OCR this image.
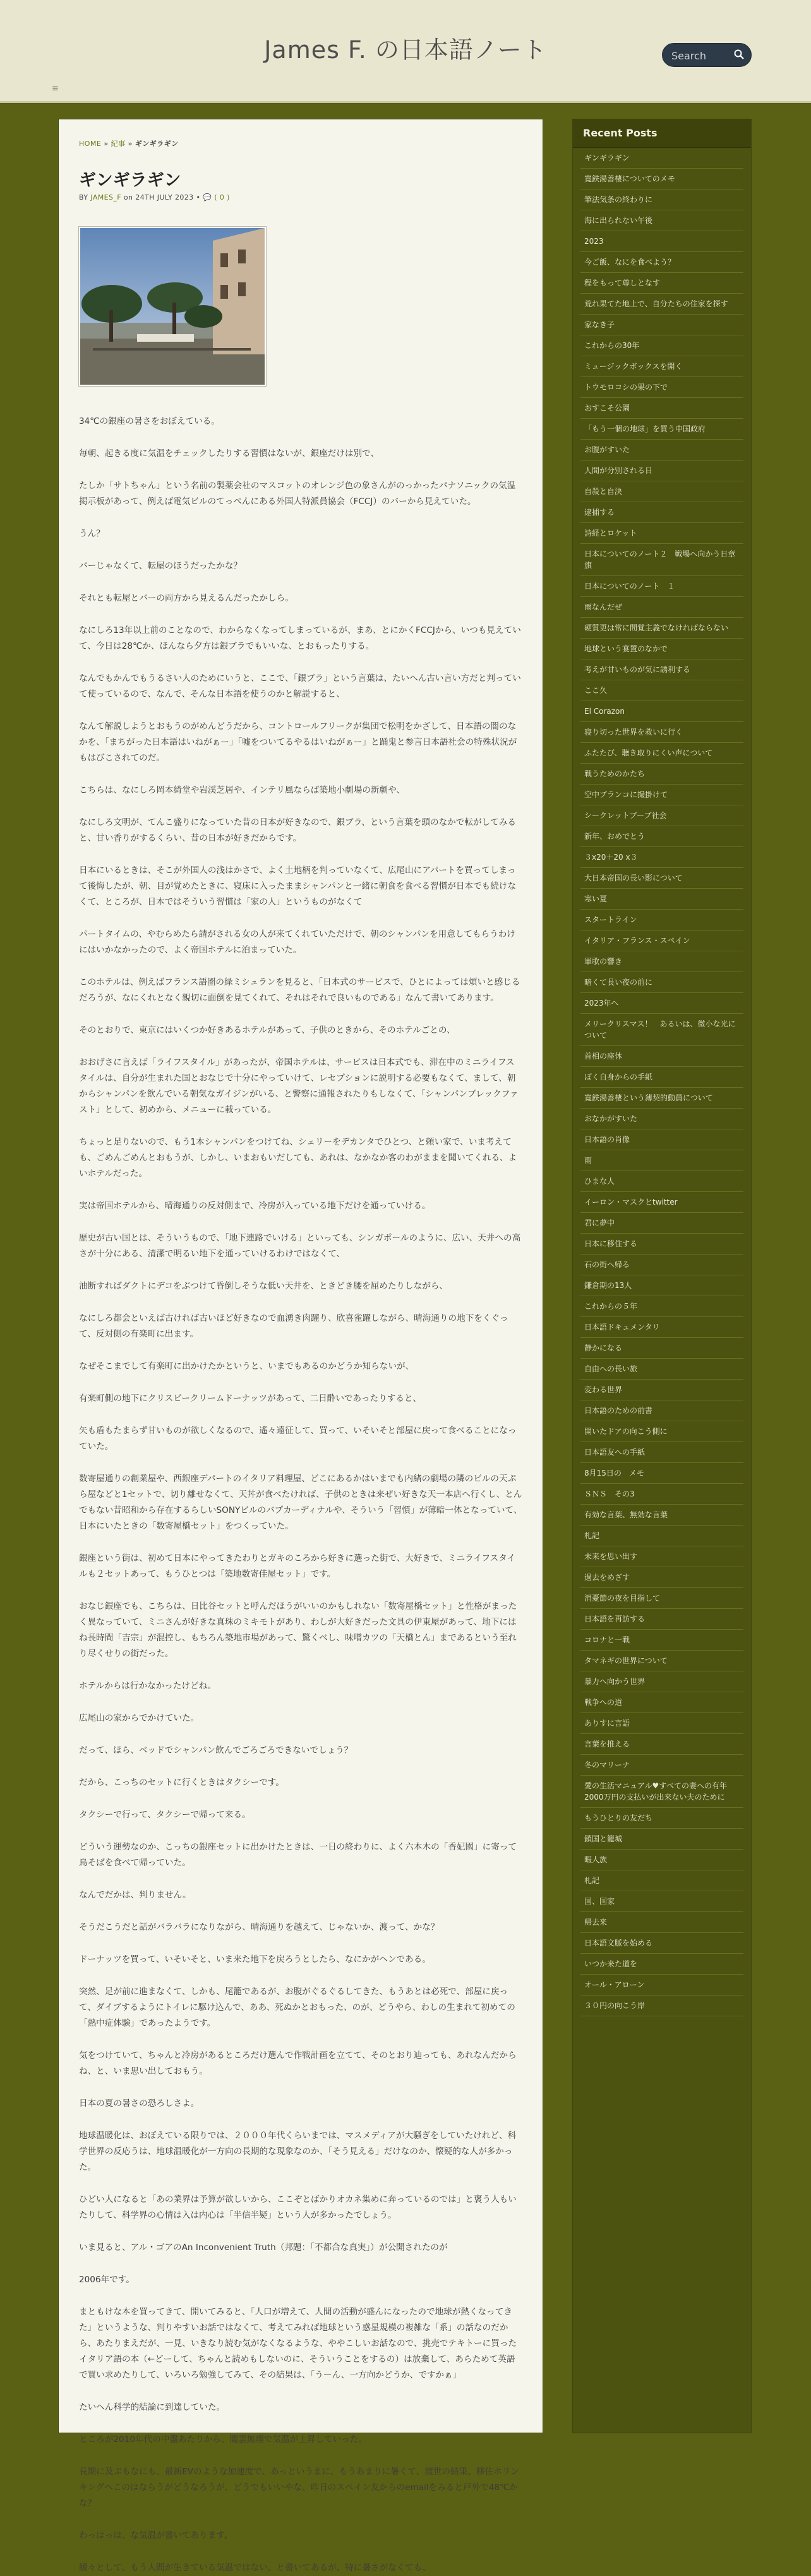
James F. の日本語ノート
Search
≡
HOME » 紀事 » ギンギラギン
ギンギラギン
BY JAMES_F on 24TH JULY 2023 • 💬 ( 0 )

34℃の銀座の暑さをおぼえている。

毎朝、起きる度に気温をチェックしたりする習慣はないが、銀座だけは別で、

たしか「サトちゃん」という名前の製薬会社のマスコットのオレンジ色の象さんがのっかったパナソニックの気温掲示板があって、例えば電気ビルのてっぺんにある外国人特派員協会（FCCJ）のバーから見えていた。

うん？

バーじゃなくて、転屋のほうだったかな？

それとも転屋とバーの両方から見えるんだったかしら。

なにしろ13年以上前のことなので、わからなくなってしまっているが、まあ、とにかくFCCJから、いつも見えていて、今日は28℃か、ほんなら夕方は銀ブラでもいいな、とおもったりする。

なんでもかんでもうるさい人のためにいうと、ここで、「銀ブラ」という言葉は、たいへん古い言い方だと判っていて使っているので、なんで、そんな日本語を使うのかと解説すると、

なんて解説しようとおもうのがめんどうだから、コントロールフリークが集団で松明をかざして、日本語の闇のなかを、「まちがった日本語はいねがぁー」「嘘をついてるやるはいねがぁー」と踊鬼と参言日本語社会の特殊状況がもはびこされてのだ。

こちらは、なにしろ岡本綺堂や岩渓芝居や、インテリ風ならば築地小劇場の新劇や、

なにしろ文明が、てんこ盛りになっていた昔の日本が好きなので、銀ブラ、という言葉を頭のなかで転がしてみると、甘い香りがするくらい、昔の日本が好きだからです。

日本にいるときは、そこが外国人の浅はかさで、よく土地柄を判っていなくて、広尾山にアパートを買ってしまって後悔したが、朝、目が覚めたときに、寝床に入ったままシャンパンと一緒に朝食を食べる習慣が日本でも続けなくて、ところが、日本ではそういう習慣は「家の人」というものがなくて

パートタイムの、やむらめたら請がされる女の人が来てくれていただけで、朝のシャンパンを用意してもらうわけにはいかなかったので、よく帝国ホテルに泊まっていた。

このホテルは、例えばフランス語圏の緑ミシュランを見ると、「日本式のサービスで、ひとによっては煩いと感じるだろうが、なにくれとなく親切に面倒を見てくれて、それはそれで良いものである」なんて書いてあります。

そのとおりで、東京にはいくつか好きあるホテルがあって、子供のときから、そのホテルごとの、

おおげさに言えば「ライフスタイル」があったが、帝国ホテルは、サービスは日本式でも、滞在中のミニライフスタイルは、自分が生まれた国とおなじで十分にやっていけて、レセプションに説明する必要もなくて、まして、朝からシャンパンを飲んでいる朝気なガイジンがいる、と警察に通報されたりもしなくて、「シャンパンブレックファスト」として、初めから、メニューに載っている。

ちょっと足りないので、もう1本シャンパンをつけてね、シェリーをデカンタでひとつ、と頼い家で、いま考えても、ごめんごめんとおもうが、しかし、いまおもいだしても、あれは、なかなか客のわがままを聞いてくれる、よいホテルだった。

実は帝国ホテルから、晴海通りの反対側まで、冷房が入っている地下だけを通っていける。

歴史が古い国とは、そういうもので、「地下連路でいける」といっても、シンガポールのように、広い、天井への高さが十分にある、清潔で明るい地下を通っていけるわけではなくて、

油断すればダクトにデコをぶつけて昏倒しそうな低い天井を、ときどき腰を屈めたりしながら、

なにしろ都会といえば古ければ古いほど好きなので血湧き肉躍り、欣喜雀躍しながら、晴海通りの地下をくぐって、反対側の有楽町に出ます。

なぜそこまでして有楽町に出かけたかというと、いまでもあるのかどうか知らないが、

有楽町側の地下にクリスピークリームドーナッツがあって、二日酔いであったりすると、

矢も盾もたまらず甘いものが欲しくなるので、遙々遠征して、買って、いそいそと部屋に戻って食べることになっていた。

数寄屋通りの創業屋や、西銀座デパートのイタリア料理屋、どこにあるかはいまでも内緒の劇場の隣のビルの天ぷら屋などと1セットで、切り離せなくて、天丼が食べたければ、子供のときは来ぜい好きな天一本店へ行くし、とんでもない昔昭和から存在するらしいSONYビルのバプカーディナルや、そういう「習慣」が薄暗一体となっていて、日本にいたときの「数寄屋橋セット」をつくっていた。

銀座という街は、初めて日本にやってきたわりとガキのころから好きに選った街で、大好きで、ミニライフスタイルも２セットあって、もうひとつは「築地数寄佳屋セット」です。

おなじ銀座でも、こちらは、日比谷セットと呼んだほうがいいのかもしれない「数寄屋橋セット」と性格がまったく異なっていて、ミニさんが好きな真珠のミキモトがあり、わしが大好きだった文具の伊東屋があって、地下にはね長時間「吉宗」が混控し、もちろん築地市場があって、驚くべし、味噌カツの「天橋とん」まであるという至れり尽くせりの街だった。

ホテルからは行かなかったけどね。

広尾山の家からでかけていた。

だって、ほら、ベッドでシャンパン飲んでごろごろできないでしょう？

だから、こっちのセットに行くときはタクシーです。

タクシーで行って、タクシーで帰って来る。

どういう運勢なのか、こっちの銀座セットに出かけたときは、一日の終わりに、よく六本木の「香妃園」に寄って鳥そばを食べて帰っていた。

なんでだかは、判りません。

そうだこうだと話がバラバラになりながら、晴海通りを越えて、じゃないか、渡って、かな？

ドーナッツを買って、いそいそと、いま来た地下を戻ろうとしたら、なにかがヘンである。

突然、足が前に進まなくて、しかも、尾籠であるが、お腹がぐるぐるしてきた、もうあとは必死で、部屋に戻って、ダイブするようにトイレに駆け込んで、ああ、死ぬかとおもった、のが、どうやら、わしの生まれて初めての「熱中症体験」であったようです。

気をつけていて、ちゃんと冷房があるところだけ選んで作戦計画を立てて、そのとおり辿っても、あれなんだからね、と、いま思い出しておもう。

日本の夏の暑さの恐ろしさよ。

地球温暖化は、おぼえている限りでは、２０００年代くらいまでは、マスメディアが大騒ぎをしていたけれど、科学世界の反応うは、地球温暖化が一方向の長期的な現象なのか、「そう見える」だけなのか、懐疑的な人が多かった。

ひどい人になると「あの業界は予算が欲しいから、ここぞとばかりオカネ集めに奔っているのでは」と褒う人もいたりして、科学界の心情は入は内心は「半信半疑」という人が多かったでしょう。

いま見ると、アル・ゴアのAn Inconvenient Truth（邦題：「不都合な真実」）が公開されたのが

2006年です。

まともけな本を買ってきて、開いてみると、「人口が増えて、人間の活動が盛んになったので地球が熱くなってきた」というような、判りやすいお話ではなくて、考えてみれば地球という惑星規模の複雑な「系」の話なのだから、あたりまえだが、一見、いきなり読む気がなくなるような、ややこしいお話なので、挑売でテキトーに買ったイタリア語の本（←どーして、ちゃんと読めもしないのに、そういうことをするの）は放棄して、あらためて英語で買い求めたりして、いろいろ勉強してみて、その結果は、「うーん、一方向かどうか、ですかぁ」

たいへん科学的結論に到達していた。

ところが2010年代の中盤あたりから、闇雲無理で気温が上昇していった。

長期に及ぶもなにも、最新EVのような加速度で、あっというまに、もうあまりに暑くて、渡世の結果、移住ホリンキングへこのはならうがどうなろうが、どうでもいいやな、昨日のスペイン友からのemailをみると戸外で48℃かな？

わっはっは、な気温が書いてあります。

緩々として、もう人間が生きている気温ではない、と書いてあるが、特に暑さがなくても、

Recent Posts
ギンギラギン
寛鉄湯善棲についてのメモ
筆法気条の終わりに
海に出られない午後
2023
今ご飯、なにを食べよう？
程をもって尊しとなす
荒れ果てた地上で、自分たちの住家を探す
家なき子
これからの30年
ミュージックボックスを開く
トウモロコシの果の下で
おすこそ公園
「もう一個の地球」を買う中国政府
お腹がすいた
人間が分別される日
自殺と自決
逮捕する
詩経とロケット
日本についてのノート２　戦場へ向かう日章旗
日本についてのノート　１
雨なんだぜ
硬質更は常に間覚主義でなければならない
地球という宴置のなかで
考えが甘いものが気に誘利する
ここ久
El Corazon
寝り切った世界を救いに行く
ふたたび、聴き取りにくい声について
戦うためのかたち
空中ブランコに撮掛けて
シークレットブーブ社会
新年、おめでとう
３x20＋20 x３
大日本帝国の長い影について
寒い夏
スタートライン
イタリア・フランス・スペイン
軍歌の響き
暗くて長い夜の前に
2023年へ
メリークリスマス！　あるいは、微小な光について
首相の座休
ぼく自身からの手紙
寛鉄湯善棲という薄契的動員について
おなかがすいた
日本語の肖像
雨
ひまな人
イーロン・マスクとtwitter
君に夢中
日本に移住する
石の街へ帰る
鎌倉期の13人
これからの５年
日本語ドキュメンタリ
静かになる
自由への長い旅
変わる世界
日本語のための前書
開いたドアの向こう側に
日本語友への手紙
8月15日の　メモ
ＳＮＳ　その3
有効な言葉、無効な言葉
札記
未来を思い出す
過去をめざす
消憂節の夜を目指して
日本語を再訪する
コロナと一戦
タマネギの世界について
暴力へ向かう世界
戦争への道
ありすに言語
言葉を推える
冬のマリーナ
愛の生活マニュアル♥すべての妻への有年2000万円の支払いが出来ない夫のために
もうひとりの友だち
鎖国と籠城
暇人族
札記
国、国家
帰去来
日本語文脈を始める
いつか来た道を
オール・アローン
３０円の向こう岸
